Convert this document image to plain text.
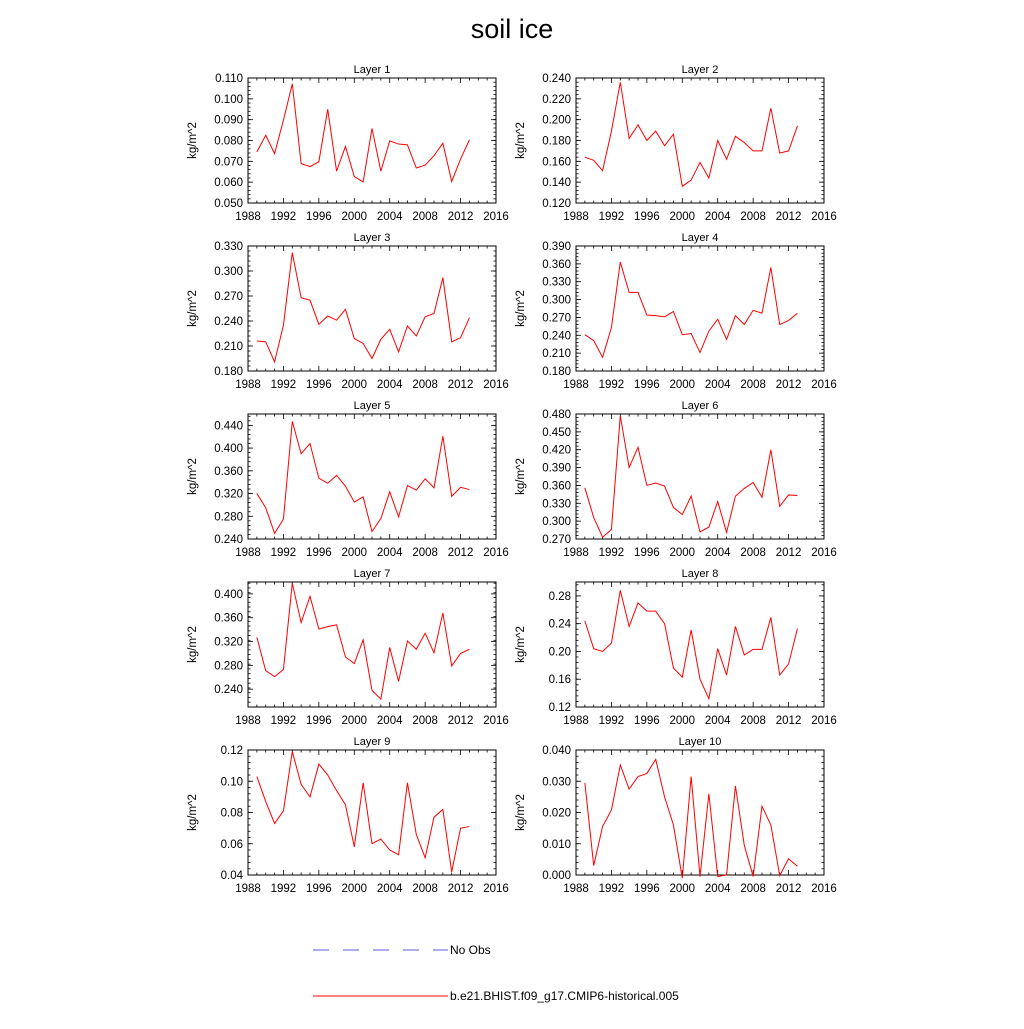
soil ice
Layer 1
1988 1992 1996 2000 2004 2008 2012 2016
0.050
0.060
0.070
0.080
0.090
0.100
0.110
kg/m^2
Layer 2
1988 1992 1996 2000 2004 2008 2012 2016
0.120
0.140
0.160
0.180
0.200
0.220
0.240
kg/m^2
Layer 3
1988 1992 1996 2000 2004 2008 2012 2016
0.180
0.210
0.240
0.270
0.300
0.330
kg/m^2
Layer 4
1988 1992 1996 2000 2004 2008 2012 2016
0.180
0.210
0.240
0.270
0.300
0.330
0.360
0.390
kg/m^2
Layer 5
1988 1992 1996 2000 2004 2008 2012 2016
0.240
0.280
0.320
0.360
0.400
0.440
kg/m^2
Layer 6
1988 1992 1996 2000 2004 2008 2012 2016
0.270
0.300
0.330
0.360
0.390
0.420
0.450
0.480
kg/m^2
Layer 7
1988 1992 1996 2000 2004 2008 2012 2016
0.240
0.280
0.320
0.360
0.400
kg/m^2
Layer 8
1988 1992 1996 2000 2004 2008 2012 2016
0.12
0.16
0.20
0.24
0.28
kg/m^2
Layer 9
1988 1992 1996 2000 2004 2008 2012 2016
0.04
0.06
0.08
0.10
0.12
kg/m^2
Layer 10
1988 1992 1996 2000 2004 2008 2012 2016
0.000
0.010
0.020
0.030
0.040
kg/m^2
No Obs
b.e21.BHIST.f09_g17.CMIP6-historical.005
